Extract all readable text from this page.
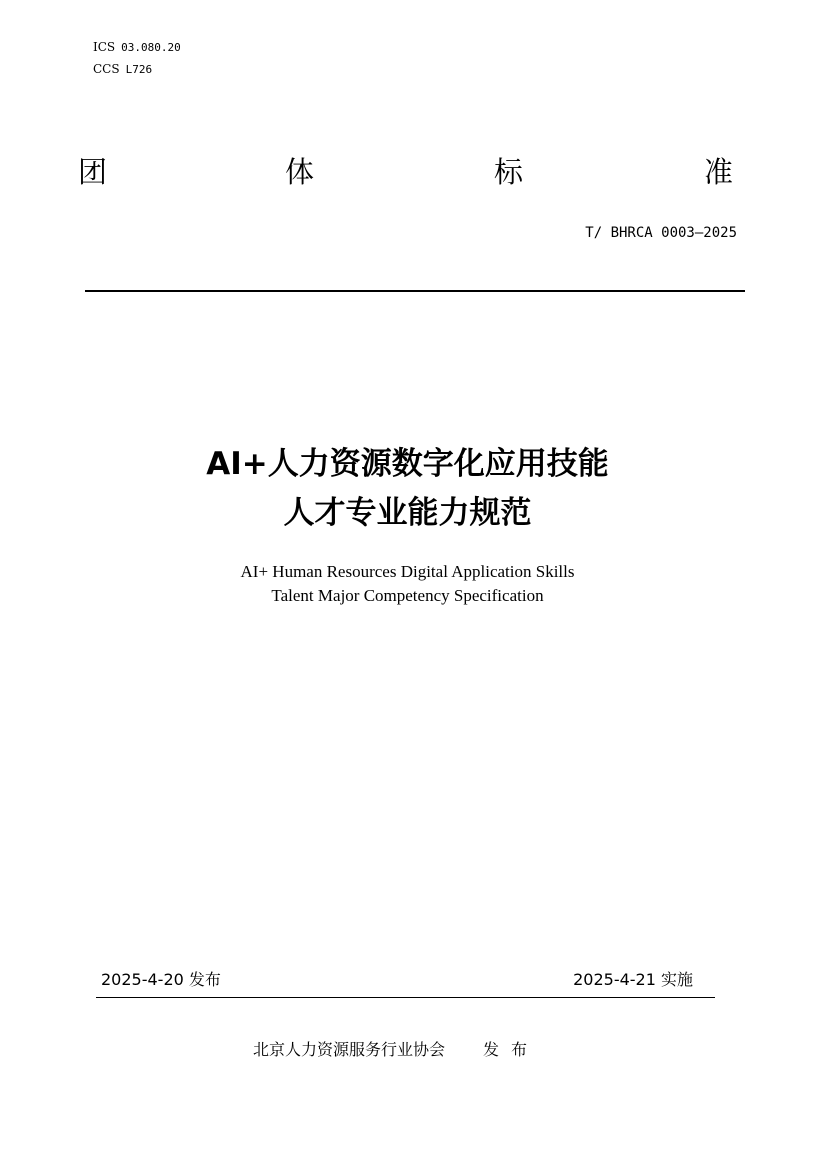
ICS 03.080.20
CCS L726
团	体	标	准
T/ BHRCA 0003—2025
AI+人力资源数字化应用技能
人才专业能力规范
AI+ Human Resources Digital Application Skills
Talent Major Competency Specification
2025-4-20 发布	2025-4-21 实施
北京人力资源服务行业协会 发布
